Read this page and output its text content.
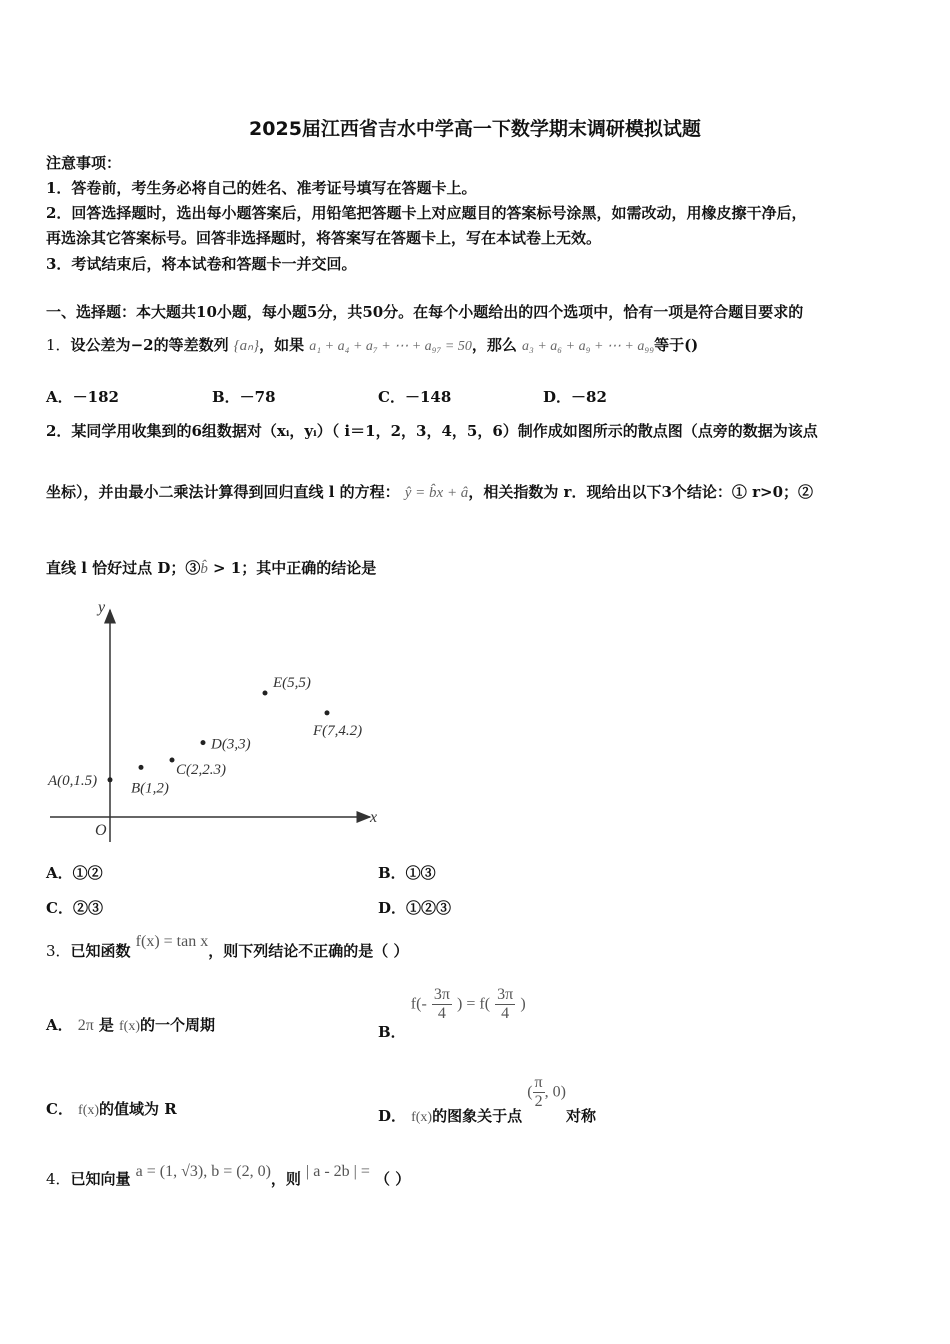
2025届江西省吉水中学高一下数学期末调研模拟试题
注意事项：
1．答卷前，考生务必将自己的姓名、准考证号填写在答题卡上。
2．回答选择题时，选出每小题答案后，用铅笔把答题卡上对应题目的答案标号涂黑，如需改动，用橡皮擦干净后，
再选涂其它答案标号。回答非选择题时，将答案写在答题卡上，写在本试卷上无效。
3．考试结束后，将本试卷和答题卡一并交回。
一、选择题：本大题共10小题，每小题5分，共50分。在每个小题给出的四个选项中，恰有一项是符合题目要求的
1．设公差为−2的等差数列 {aₙ}，如果 a₁ + a₄ + a₇ + ⋯ + a₉₇ = 50，那么 a₃ + a₆ + a₉ + ⋯ + a₉₉等于()
A．－182	B．－78	C．－148	D．－82
2．某同学用收集到的6组数据对（xᵢ，yᵢ）（ i＝1，2，3，4，5，6）制作成如图所示的散点图（点旁的数据为该点
坐标），并由最小二乘法计算得到回归直线 l 的方程： ŷ = b̂x + â，相关指数为 r．现给出以下3个结论：① r>0；②
直线 l 恰好过点 D；③b̂ > 1；其中正确的结论是
x
y
O
A(0,1.5) B(1,2)
C(2,2.3)
D(3,3)
E(5,5)
F(7,4.2)
A．①②	B．①③
C．②③	D．①②③
3．已知函数 f(x) = tan x，则下列结论不正确的是（ ）
A． 2π 是 f(x)的一个周期	B． $f(- \frac{3\pi}{4}$ ) = $f( \frac{3\pi}{4}$ )
C． f(x)的值域为 R	D． f(x)的图象关于点 ( $\frac{\pi}{2}$ , 0)对称
4．已知向量 a = (1, √3), b = (2, 0)，则 | a - 2b | = （ ）
